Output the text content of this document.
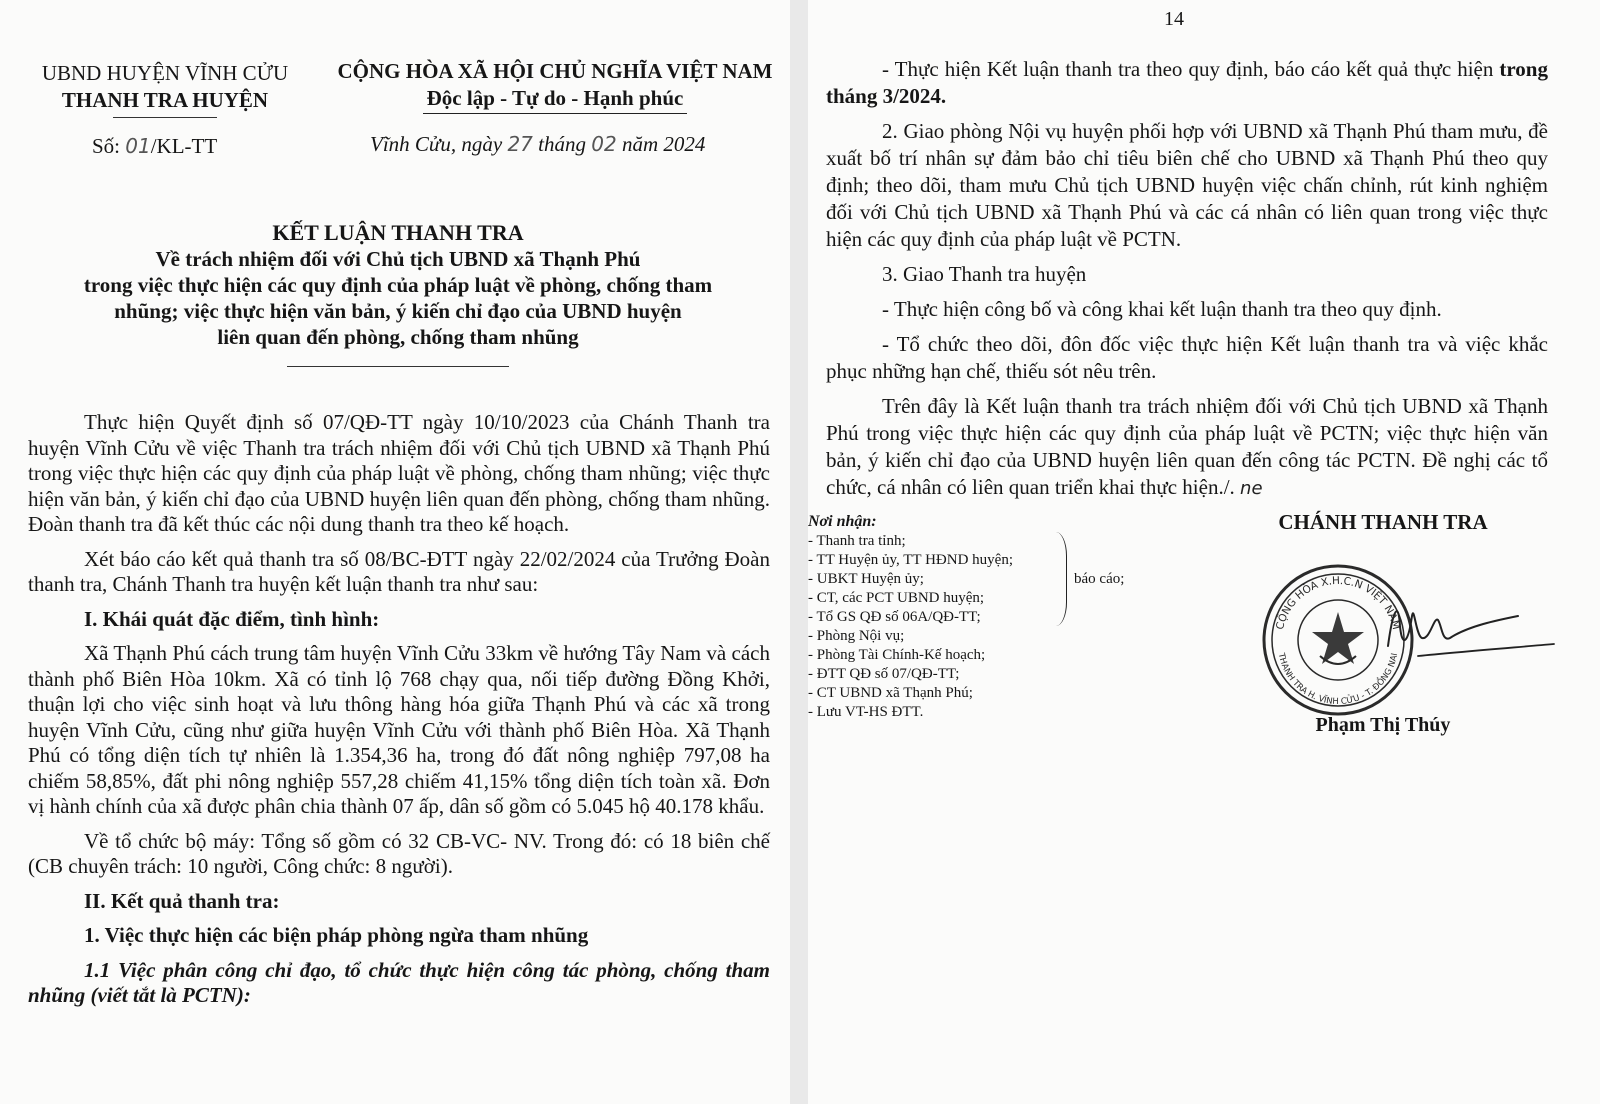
UBND HUYỆN VĨNH CỬU
THANH TRA HUYỆN
CỘNG HÒA XÃ HỘI CHỦ NGHĨA VIỆT NAM
Độc lập - Tự do - Hạnh phúc
Số: 01/KL-TT	Vĩnh Cửu, ngày 27 tháng 02 năm 2024
KẾT LUẬN THANH TRA
Về trách nhiệm đối với Chủ tịch UBND xã Thạnh Phú
trong việc thực hiện các quy định của pháp luật về phòng, chống tham
nhũng; việc thực hiện văn bản, ý kiến chỉ đạo của UBND huyện
liên quan đến phòng, chống tham nhũng

Thực hiện Quyết định số 07/QĐ-TT ngày 10/10/2023 của Chánh Thanh tra huyện Vĩnh Cửu về việc Thanh tra trách nhiệm đối với Chủ tịch UBND xã Thạnh Phú trong việc thực hiện các quy định của pháp luật về phòng, chống tham nhũng; việc thực hiện văn bản, ý kiến chỉ đạo của UBND huyện liên quan đến phòng, chống tham nhũng. Đoàn thanh tra đã kết thúc các nội dung thanh tra theo kế hoạch.

Xét báo cáo kết quả thanh tra số 08/BC-ĐTT ngày 22/02/2024 của Trưởng Đoàn thanh tra, Chánh Thanh tra huyện kết luận thanh tra như sau:

I. Khái quát đặc điểm, tình hình:

Xã Thạnh Phú cách trung tâm huyện Vĩnh Cửu 33km về hướng Tây Nam và cách thành phố Biên Hòa 10km. Xã có tỉnh lộ 768 chạy qua, nối tiếp đường Đồng Khởi, thuận lợi cho việc sinh hoạt và lưu thông hàng hóa giữa Thạnh Phú và các xã trong huyện Vĩnh Cửu, cũng như giữa huyện Vĩnh Cửu với thành phố Biên Hòa. Xã Thạnh Phú có tổng diện tích tự nhiên là 1.354,36 ha, trong đó đất nông nghiệp 797,08 ha chiếm 58,85%, đất phi nông nghiệp 557,28 chiếm 41,15% tổng diện tích toàn xã. Đơn vị hành chính của xã được phân chia thành 07 ấp, dân số gồm có 5.045 hộ 40.178 khẩu.

Về tổ chức bộ máy: Tổng số gồm có 32 CB-VC- NV. Trong đó: có 18 biên chế (CB chuyên trách: 10 người, Công chức: 8 người).

II. Kết quả thanh tra:
1. Việc thực hiện các biện pháp phòng ngừa tham nhũng
1.1 Việc phân công chỉ đạo, tổ chức thực hiện công tác phòng, chống tham nhũng (viết tắt là PCTN):
14

- Thực hiện Kết luận thanh tra theo quy định, báo cáo kết quả thực hiện trong tháng 3/2024.

2. Giao phòng Nội vụ huyện phối hợp với UBND xã Thạnh Phú tham mưu, đề xuất bố trí nhân sự đảm bảo chỉ tiêu biên chế cho UBND xã Thạnh Phú theo quy định; theo dõi, tham mưu Chủ tịch UBND huyện việc chấn chỉnh, rút kinh nghiệm đối với Chủ tịch UBND xã Thạnh Phú và các cá nhân có liên quan trong việc thực hiện các quy định của pháp luật về PCTN.

3. Giao Thanh tra huyện

- Thực hiện công bố và công khai kết luận thanh tra theo quy định.

- Tổ chức theo dõi, đôn đốc việc thực hiện Kết luận thanh tra và việc khắc phục những hạn chế, thiếu sót nêu trên.

Trên đây là Kết luận thanh tra trách nhiệm đối với Chủ tịch UBND xã Thạnh Phú trong việc thực hiện các quy định của pháp luật về PCTN; việc thực hiện văn bản, ý kiến chỉ đạo của UBND huyện liên quan đến công tác PCTN. Đề nghị các tổ chức, cá nhân có liên quan triển khai thực hiện./. ne

Nơi nhận:
- Thanh tra tỉnh;
- TT Huyện ủy, TT HĐND huyện;
- UBKT Huyện ủy;
- CT, các PCT UBND huyện;
- Tổ GS QĐ số 06A/QĐ-TT;
- Phòng Nội vụ;
- Phòng Tài Chính-Kế hoạch;
- ĐTT QĐ số 07/QĐ-TT;
- CT UBND xã Thạnh Phú;
- Lưu VT-HS ĐTT.
báo cáo;
CHÁNH THANH TRA
CỘNG HÒA X.H.C.N VIỆT NAM
THANH TRA H. VĨNH CỬU - T. ĐỒNG NAI
Phạm Thị Thúy
